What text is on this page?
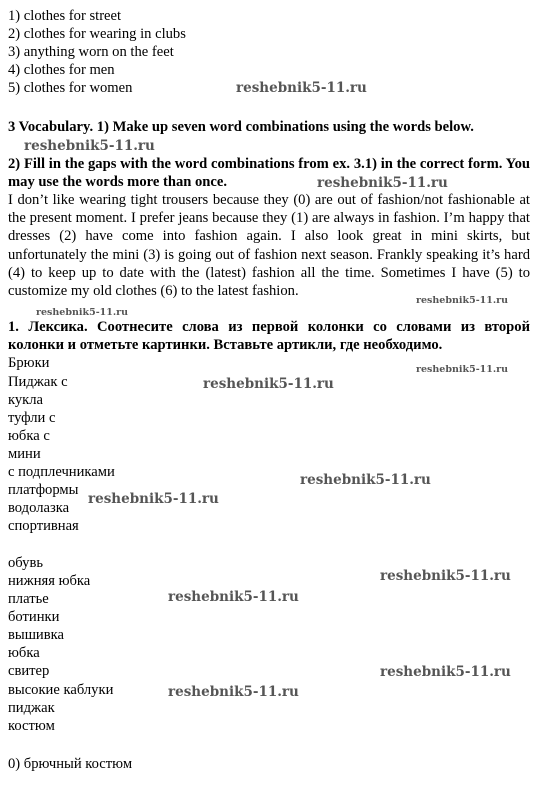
1) clothes for street
2) clothes for wearing in clubs
3) anything worn on the feet
4) clothes for men
5) clothes for women
3 Vocabulary. 1) Make up seven word combinations using the words below.
2) Fill in the gaps with the word combinations from ex. 3.1) in the correct form. You may use the words more than once.
I don’t like wearing tight trousers because they (0) are out of fashion/not fashionable at the present moment. I prefer jeans because they (1) are always in fashion. I’m happy that dresses (2) have come into fashion again. I also look great in mini skirts, but unfortunately the mini (3) is going out of fashion next season. Frankly speaking it’s hard (4) to keep up to date with the (latest) fashion all the time. Sometimes I have (5) to customize my old clothes (6) to the latest fashion.
1. Лексика. Соотнесите слова из первой колонки со словами из второй колонки и отметьте картинки. Вставьте артикли, где необходимо.
Брюки
Пиджак с
кукла
туфли с
юбка с
мини
с подплечниками
платформы
водолазка
спортивная
обувь
нижняя юбка
платье
ботинки
вышивка
юбка
свитер
высокие каблуки
пиджак
костюм
0) брючный костюм
reshebnik5-11.ru
reshebnik5-11.ru
reshebnik5-11.ru
reshebnik5-11.ru
reshebnik5-11.ru
reshebnik5-11.ru
reshebnik5-11.ru
reshebnik5-11.ru
reshebnik5-11.ru
reshebnik5-11.ru
reshebnik5-11.ru
reshebnik5-11.ru
reshebnik5-11.ru
